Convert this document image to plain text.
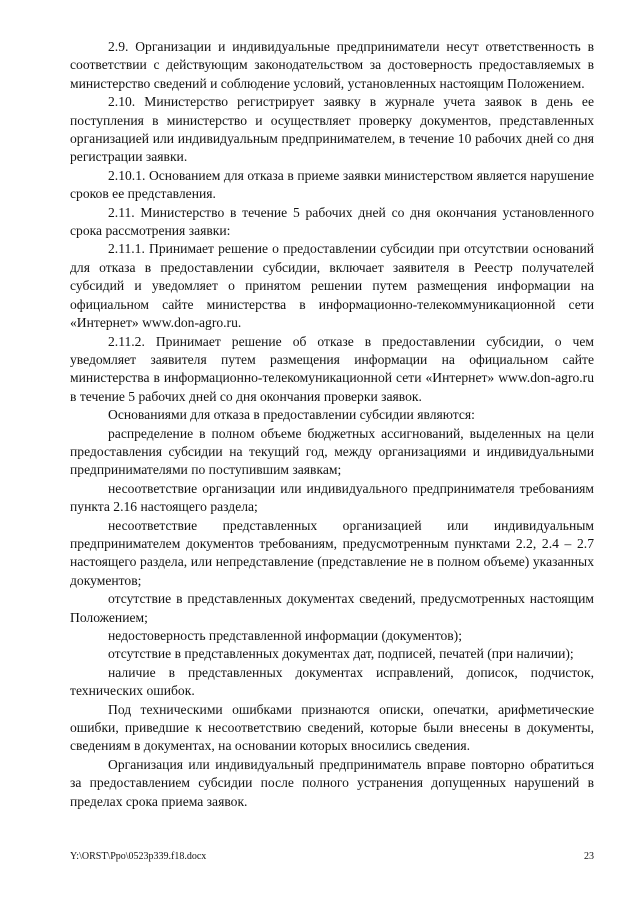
2.9. Организации и индивидуальные предприниматели несут ответственность в соответствии с действующим законодательством за достоверность предоставляемых в министерство сведений и соблюдение условий, установленных настоящим Положением.

2.10. Министерство регистрирует заявку в журнале учета заявок в день ее поступления в министерство и осуществляет проверку документов, представленных организацией или индивидуальным предпринимателем, в течение 10 рабочих дней со дня регистрации заявки.

2.10.1. Основанием для отказа в приеме заявки министерством является нарушение сроков ее представления.

2.11. Министерство в течение 5 рабочих дней со дня окончания установленного срока рассмотрения заявки:

2.11.1. Принимает решение о предоставлении субсидии при отсутствии оснований для отказа в предоставлении субсидии, включает заявителя в Реестр получателей субсидий и уведомляет о принятом решении путем размещения информации на официальном сайте министерства в информационно-телекоммуникационной сети «Интернет» www.don-agro.ru.

2.11.2. Принимает решение об отказе в предоставлении субсидии, о чем уведомляет заявителя путем размещения информации на официальном сайте министерства в информационно-телекомуникационной сети «Интернет» www.don-agro.ru в течение 5 рабочих дней со дня окончания проверки заявок.

Основаниями для отказа в предоставлении субсидии являются:

распределение в полном объеме бюджетных ассигнований, выделенных на цели предоставления субсидии на текущий год, между организациями и индивидуальными предпринимателями по поступившим заявкам;

несоответствие организации или индивидуального предпринимателя требованиям пункта 2.16 настоящего раздела;

несоответствие представленных организацией или индивидуальным предпринимателем документов требованиям, предусмотренным пунктами 2.2, 2.4 – 2.7 настоящего раздела, или непредставление (представление не в полном объеме) указанных документов;

отсутствие в представленных документах сведений, предусмотренных настоящим Положением;

недостоверность представленной информации (документов);

отсутствие в представленных документах дат, подписей, печатей (при наличии);

наличие в представленных документах исправлений, дописок, подчисток, технических ошибок.

Под техническими ошибками признаются описки, опечатки, арифметические ошибки, приведшие к несоответствию сведений, которые были внесены в документы, сведениям в документах, на основании которых вносились сведения.

Организация или индивидуальный предприниматель вправе повторно обратиться за предоставлением субсидии после полного устранения допущенных нарушений в пределах срока приема заявок.

Y:\ORST\Ppo\0523p339.f18.docx	23
